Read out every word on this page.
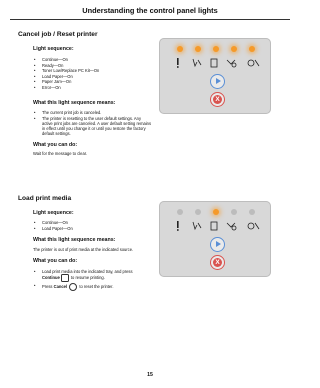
Understanding the control panel lights
Cancel job / Reset printer
Light sequence:
•	Continue—On
•	Ready—On
•	Toner Low/Replace PC Kit—On
•	Load Paper—On
•	Paper Jam—On
•	Error—On
What this light sequence means:
•	The current print job is canceled.
•	The printer is resetting to the user default settings. Any active print jobs are canceled. A user default setting remains in effect until you change it or until you restore the factory default settings.
What you can do:
Wait for the message to clear.
X
Load print media
Light sequence:
•	Continue—On
•	Load Paper—On
What this light sequence means:
The printer is out of print media at the indicated source.
What you can do:
•	Load print media into the indicated tray, and press Continue	to resume printing.
•	Press Cancel	to reset the printer.
X
15
